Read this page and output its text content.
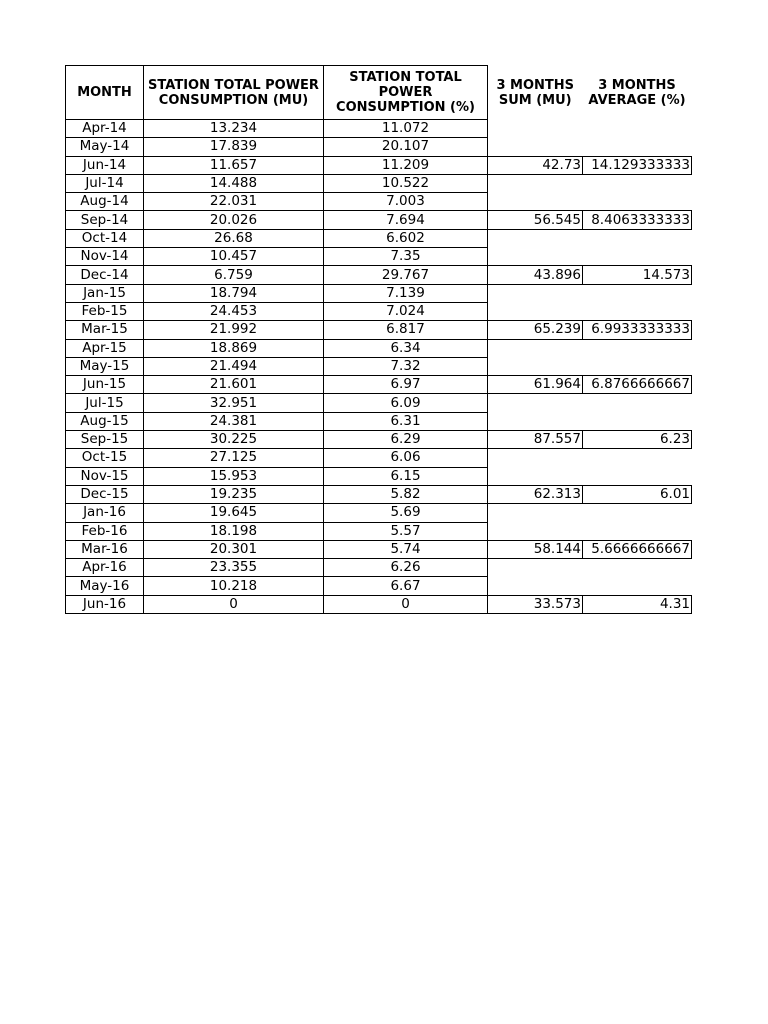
MONTH	STATION TOTAL POWER CONSUMPTION (MU)	STATION TOTAL POWER CONSUMPTION (%)	3 MONTHS SUM (MU)	3 MONTHS AVERAGE (%)
Apr-14	13.234	11.072		
May-14	17.839	20.107		
Jun-14	11.657	11.209	42.73	14.129333333
Jul-14	14.488	10.522		
Aug-14	22.031	7.003		
Sep-14	20.026	7.694	56.545	8.4063333333
Oct-14	26.68	6.602		
Nov-14	10.457	7.35		
Dec-14	6.759	29.767	43.896	14.573
Jan-15	18.794	7.139		
Feb-15	24.453	7.024		
Mar-15	21.992	6.817	65.239	6.9933333333
Apr-15	18.869	6.34		
May-15	21.494	7.32		
Jun-15	21.601	6.97	61.964	6.8766666667
Jul-15	32.951	6.09		
Aug-15	24.381	6.31		
Sep-15	30.225	6.29	87.557	6.23
Oct-15	27.125	6.06		
Nov-15	15.953	6.15		
Dec-15	19.235	5.82	62.313	6.01
Jan-16	19.645	5.69		
Feb-16	18.198	5.57		
Mar-16	20.301	5.74	58.144	5.6666666667
Apr-16	23.355	6.26		
May-16	10.218	6.67		
Jun-16	0	0	33.573	4.31
